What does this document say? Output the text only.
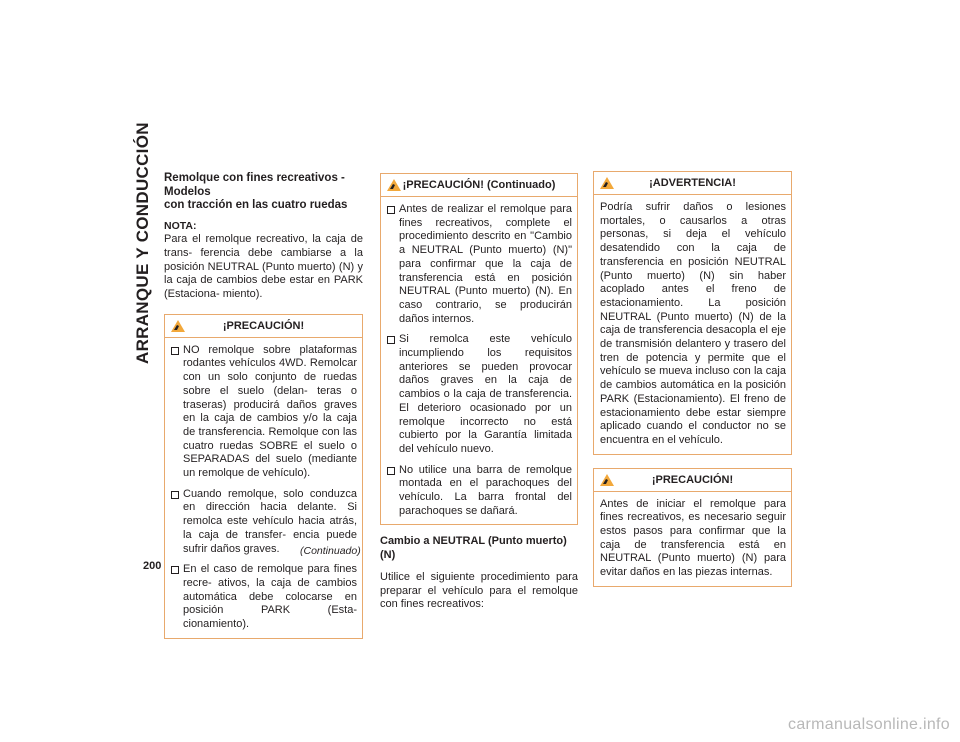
ARRANQUE Y CONDUCCIÓN
200
Remolque con fines recreativos - Modelos
con tracción en las cuatro ruedas
NOTA:

Para el remolque recreativo, la caja de trans- ferencia debe cambiarse a la posición NEUTRAL (Punto muerto) (N) y la caja de cambios debe estar en PARK (Estaciona- miento).

¡PRECAUCIÓN!
NO remolque sobre plataformas rodantes vehículos 4WD. Remolcar con un solo conjunto de ruedas sobre el suelo (delan- teras o traseras) producirá daños graves en la caja de cambios y/o la caja de transferencia. Remolque con las cuatro ruedas SOBRE el suelo o SEPARADAS del suelo (mediante un remolque de vehículo).
Cuando remolque, solo conduzca en dirección hacia delante. Si remolca este vehículo hacia atrás, la caja de transfer- encia puede sufrir daños graves.
En el caso de remolque para fines recre- ativos, la caja de cambios automática debe colocarse en posición PARK (Esta- cionamiento).
(Continuado)
¡PRECAUCIÓN! (Continuado)
Antes de realizar el remolque para fines recreativos, complete el procedimiento descrito en "Cambio a NEUTRAL (Punto muerto) (N)" para confirmar que la caja de transferencia está en posición NEUTRAL (Punto muerto) (N). En caso contrario, se producirán daños internos.
Si remolca este vehículo incumpliendo los requisitos anteriores se pueden provocar daños graves en la caja de cambios o la caja de transferencia. El deterioro ocasionado por un remolque incorrecto no está cubierto por la Garantía limitada del vehículo nuevo.
No utilice una barra de remolque montada en el parachoques del vehículo. La barra frontal del parachoques se dañará.
Cambio a NEUTRAL (Punto muerto) (N)

Utilice el siguiente procedimiento para preparar el vehículo para el remolque con fines recreativos:

¡ADVERTENCIA!

Podría sufrir daños o lesiones mortales, o causarlos a otras personas, si deja el vehículo desatendido con la caja de transferencia en posición NEUTRAL (Punto muerto) (N) sin haber acoplado antes el freno de estacionamiento. La posición NEUTRAL (Punto muerto) (N) de la caja de transferencia desacopla el eje de transmisión delantero y trasero del tren de potencia y permite que el vehículo se mueva incluso con la caja de cambios automática en la posición PARK (Estacionamiento). El freno de estacionamiento debe estar siempre aplicado cuando el conductor no se encuentra en el vehículo.

¡PRECAUCIÓN!

Antes de iniciar el remolque para fines recreativos, es necesario seguir estos pasos para confirmar que la caja de transferencia está en NEUTRAL (Punto muerto) (N) para evitar daños en las piezas internas.

carmanualsonline.info
